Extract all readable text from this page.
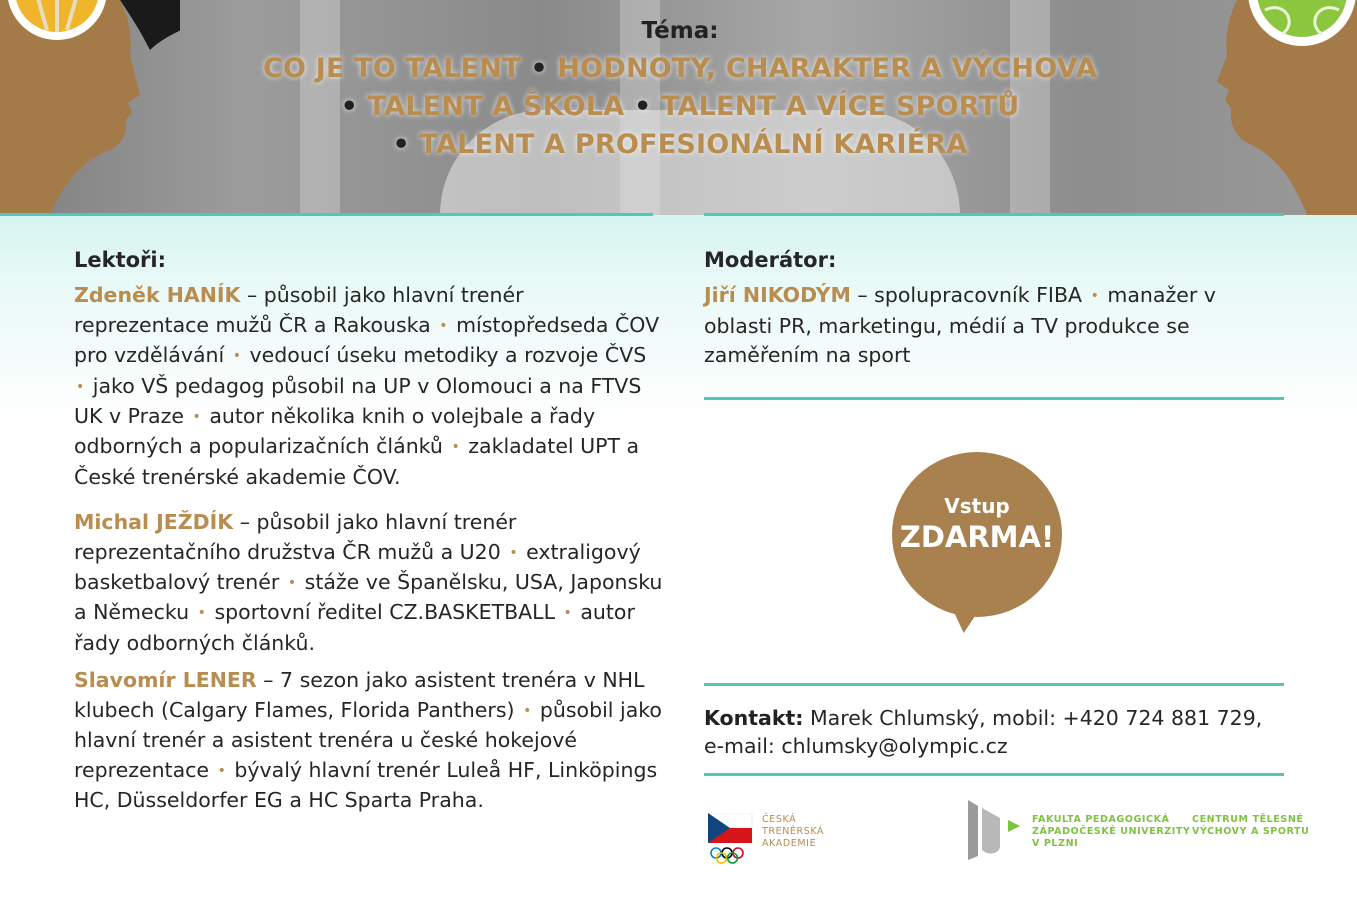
Téma:
CO JE TO TALENT • HODNOTY, CHARAKTER A VÝCHOVA
• TALENT A ŠKOLA • TALENT A VÍCE SPORTŮ
• TALENT A PROFESIONÁLNÍ KARIÉRA
Lektoři:
Zdeněk HANÍK – působil jako hlavní trenér reprezentace mužů ČR a Rakouska • místopředseda ČOV pro vzdělávání • vedoucí úseku metodiky a rozvoje ČVS • jako VŠ pedagog působil na UP v Olomouci a na FTVS UK v Praze • autor několika knih o volejbale a řady odborných a popularizačních článků • zakladatel UPT a České trenérské akademie ČOV.
Michal JEŽDÍK – působil jako hlavní trenér reprezentačního družstva ČR mužů a U20 • extraligový basketbalový trenér • stáže ve Španělsku, USA, Japonsku a Německu • sportovní ředitel CZ.BASKETBALL • autor řady odborných článků.
Slavomír LENER – 7 sezon jako asistent trenéra v NHL klubech (Calgary Flames, Florida Panthers) • působil jako hlavní trenér a asistent trenéra u české hokejové reprezentace • bývalý hlavní trenér Luleå HF, Linköpings HC, Düsseldorfer EG a HC Sparta Praha.
Moderátor:
Jiří NIKODÝM – spolupracovník FIBA • manažer v oblasti PR, marketingu, médií a TV produkce se zaměřením na sport
Vstup
ZDARMA!
Kontakt: Marek Chlumský, mobil: +420 724 881 729,
e-mail: chlumsky@olympic.cz
ČESKÁ
TRENÉRSKÁ
AKADEMIE
FAKULTA PEDAGOGICKÁ
ZÁPADOČESKÉ UNIVERZITY
V PLZNI
CENTRUM TĚLESNÉ
VÝCHOVY A SPORTU
